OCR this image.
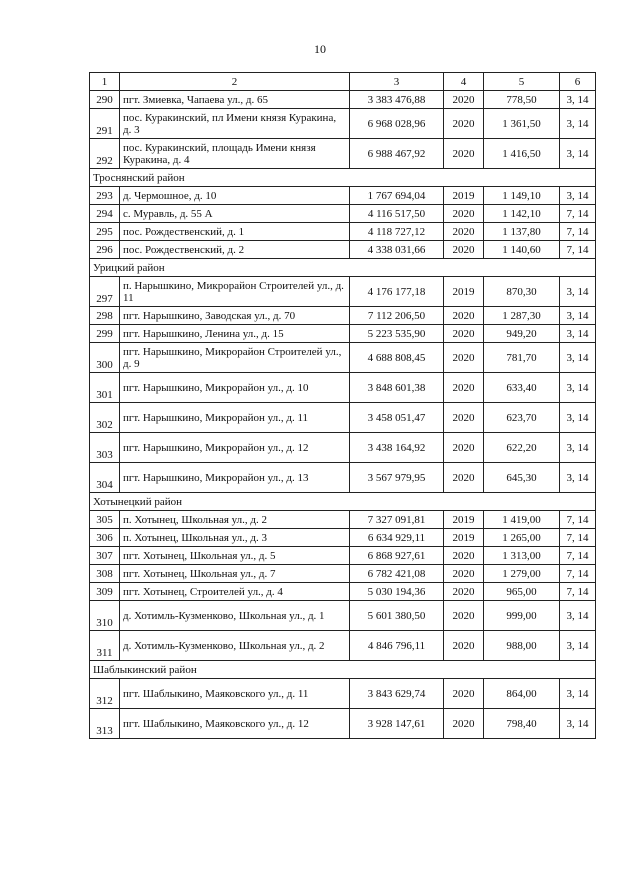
10
1	2	3	4	5	6
290	пгт. Змиевка, Чапаева ул., д. 65	3 383 476,88	2020	778,50	3, 14
291	пос. Куракинский, пл Имени князя Куракина, д. 3	6 968 028,96	2020	1 361,50	3, 14
292	пос. Куракинский, площадь Имени князя Куракина, д. 4	6 988 467,92	2020	1 416,50	3, 14
Троснянский район					
293	д. Чермошное, д. 10	1 767 694,04	2019	1 149,10	3, 14
294	с. Муравль, д. 55 А	4 116 517,50	2020	1 142,10	7, 14
295	пос. Рождественский, д. 1	4 118 727,12	2020	1 137,80	7, 14
296	пос. Рождественский, д. 2	4 338 031,66	2020	1 140,60	7, 14
Урицкий район					
297	п. Нарышкино, Микрорайон Строителей ул., д. 11	4 176 177,18	2019	870,30	3, 14
298	пгт. Нарышкино, Заводская ул., д. 70	7 112 206,50	2020	1 287,30	3, 14
299	пгт. Нарышкино, Ленина ул., д. 15	5 223 535,90	2020	949,20	3, 14
300	пгт. Нарышкино, Микрорайон Строителей ул., д. 9	4 688 808,45	2020	781,70	3, 14
301	пгт. Нарышкино, Микрорайон ул., д. 10	3 848 601,38	2020	633,40	3, 14
302	пгт. Нарышкино, Микрорайон ул., д. 11	3 458 051,47	2020	623,70	3, 14
303	пгт. Нарышкино, Микрорайон ул., д. 12	3 438 164,92	2020	622,20	3, 14
304	пгт. Нарышкино, Микрорайон ул., д. 13	3 567 979,95	2020	645,30	3, 14
Хотынецкий район					
305	п. Хотынец, Школьная ул., д. 2	7 327 091,81	2019	1 419,00	7, 14
306	п. Хотынец, Школьная ул., д. 3	6 634 929,11	2019	1 265,00	7, 14
307	пгт. Хотынец, Школьная ул., д. 5	6 868 927,61	2020	1 313,00	7, 14
308	пгт. Хотынец, Школьная ул., д. 7	6 782 421,08	2020	1 279,00	7, 14
309	пгт. Хотынец, Строителей ул., д. 4	5 030 194,36	2020	965,00	7, 14
310	д. Хотимль-Кузменково, Школьная ул., д. 1	5 601 380,50	2020	999,00	3, 14
311	д. Хотимль-Кузменково, Школьная ул., д. 2	4 846 796,11	2020	988,00	3, 14
Шаблыкинский район					
312	пгт. Шаблыкино, Маяковского ул., д. 11	3 843 629,74	2020	864,00	3, 14
313	пгт. Шаблыкино, Маяковского ул., д. 12	3 928 147,61	2020	798,40	3, 14
